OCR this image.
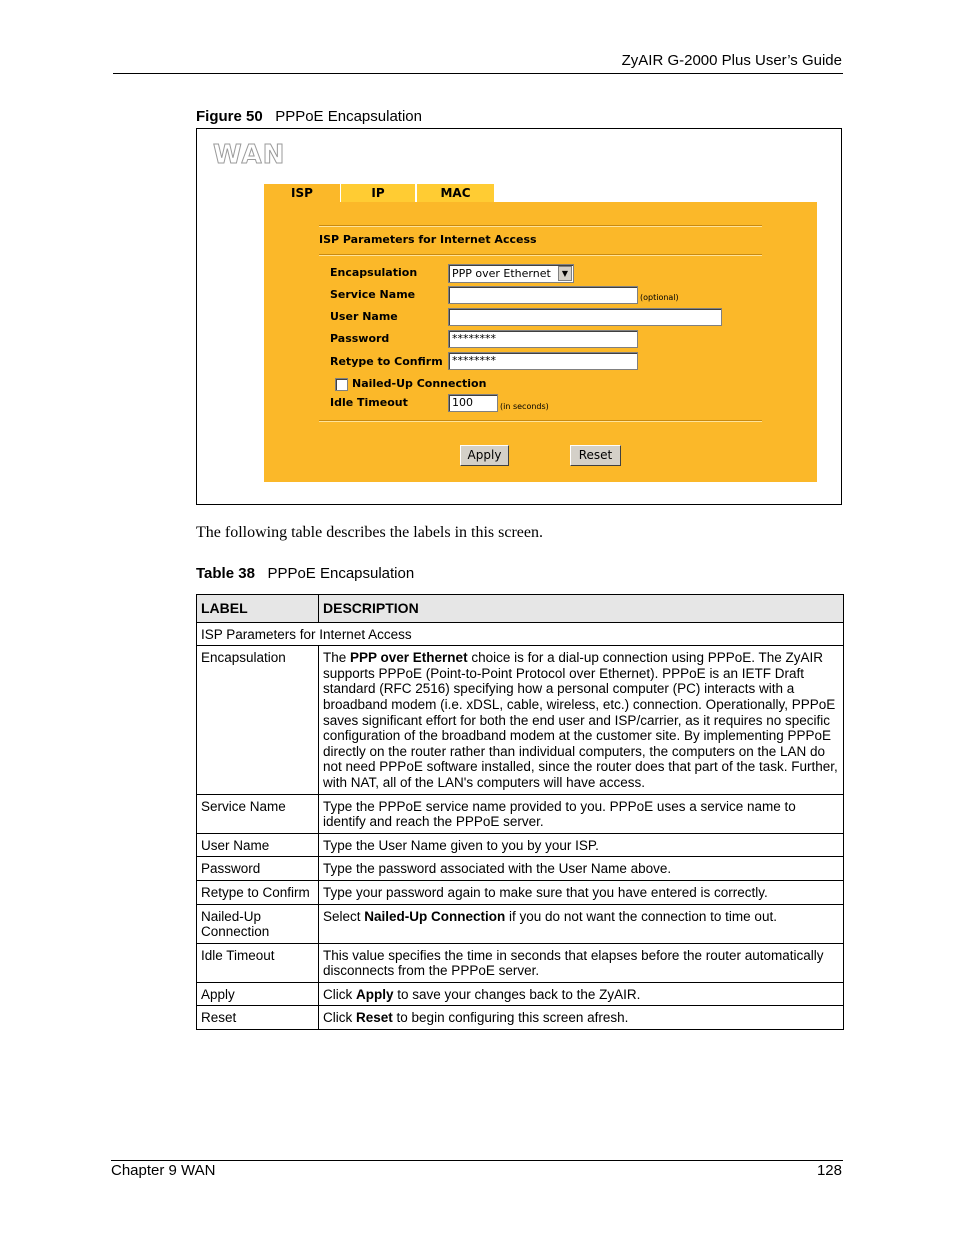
ZyAIR G-2000 Plus User’s Guide
Figure 50 PPPoE Encapsulation
WAN
ISP	IP	MAC
ISP Parameters for Internet Access
Encapsulation	PPP over Ethernet	▼
Service Name	(optional)
User Name
Password	********
Retype to Confirm ********
Nailed-Up Connection
Idle Timeout	100	(in seconds)
Apply	Reset
The following table describes the labels in this screen.
Table 38 PPPoE Encapsulation
LABEL	DESCRIPTION
ISP Parameters for Internet Access	
Encapsulation	The PPP over Ethernet choice is for a dial-up connection using PPPoE. The ZyAIR supports PPPoE (Point-to-Point Protocol over Ethernet). PPPoE is an IETF Draft standard (RFC 2516) specifying how a personal computer (PC) interacts with a broadband modem (i.e. xDSL, cable, wireless, etc.) connection. Operationally, PPPoE saves significant effort for both the end user and ISP/carrier, as it requires no specific configuration of the broadband modem at the customer site. By implementing PPPoE directly on the router rather than individual computers, the computers on the LAN do not need PPPoE software installed, since the router does that part of the task. Further, with NAT, all of the LAN's computers will have access.
Service Name	Type the PPPoE service name provided to you. PPPoE uses a service name to identify and reach the PPPoE server.
User Name	Type the User Name given to you by your ISP.
Password	Type the password associated with the User Name above.
Retype to Confirm	Type your password again to make sure that you have entered is correctly.
Nailed-Up Connection	Select Nailed-Up Connection if you do not want the connection to time out.
Idle Timeout	This value specifies the time in seconds that elapses before the router automatically disconnects from the PPPoE server.
Apply	Click Apply to save your changes back to the ZyAIR.
Reset	Click Reset to begin configuring this screen afresh.
Chapter 9 WAN	128
